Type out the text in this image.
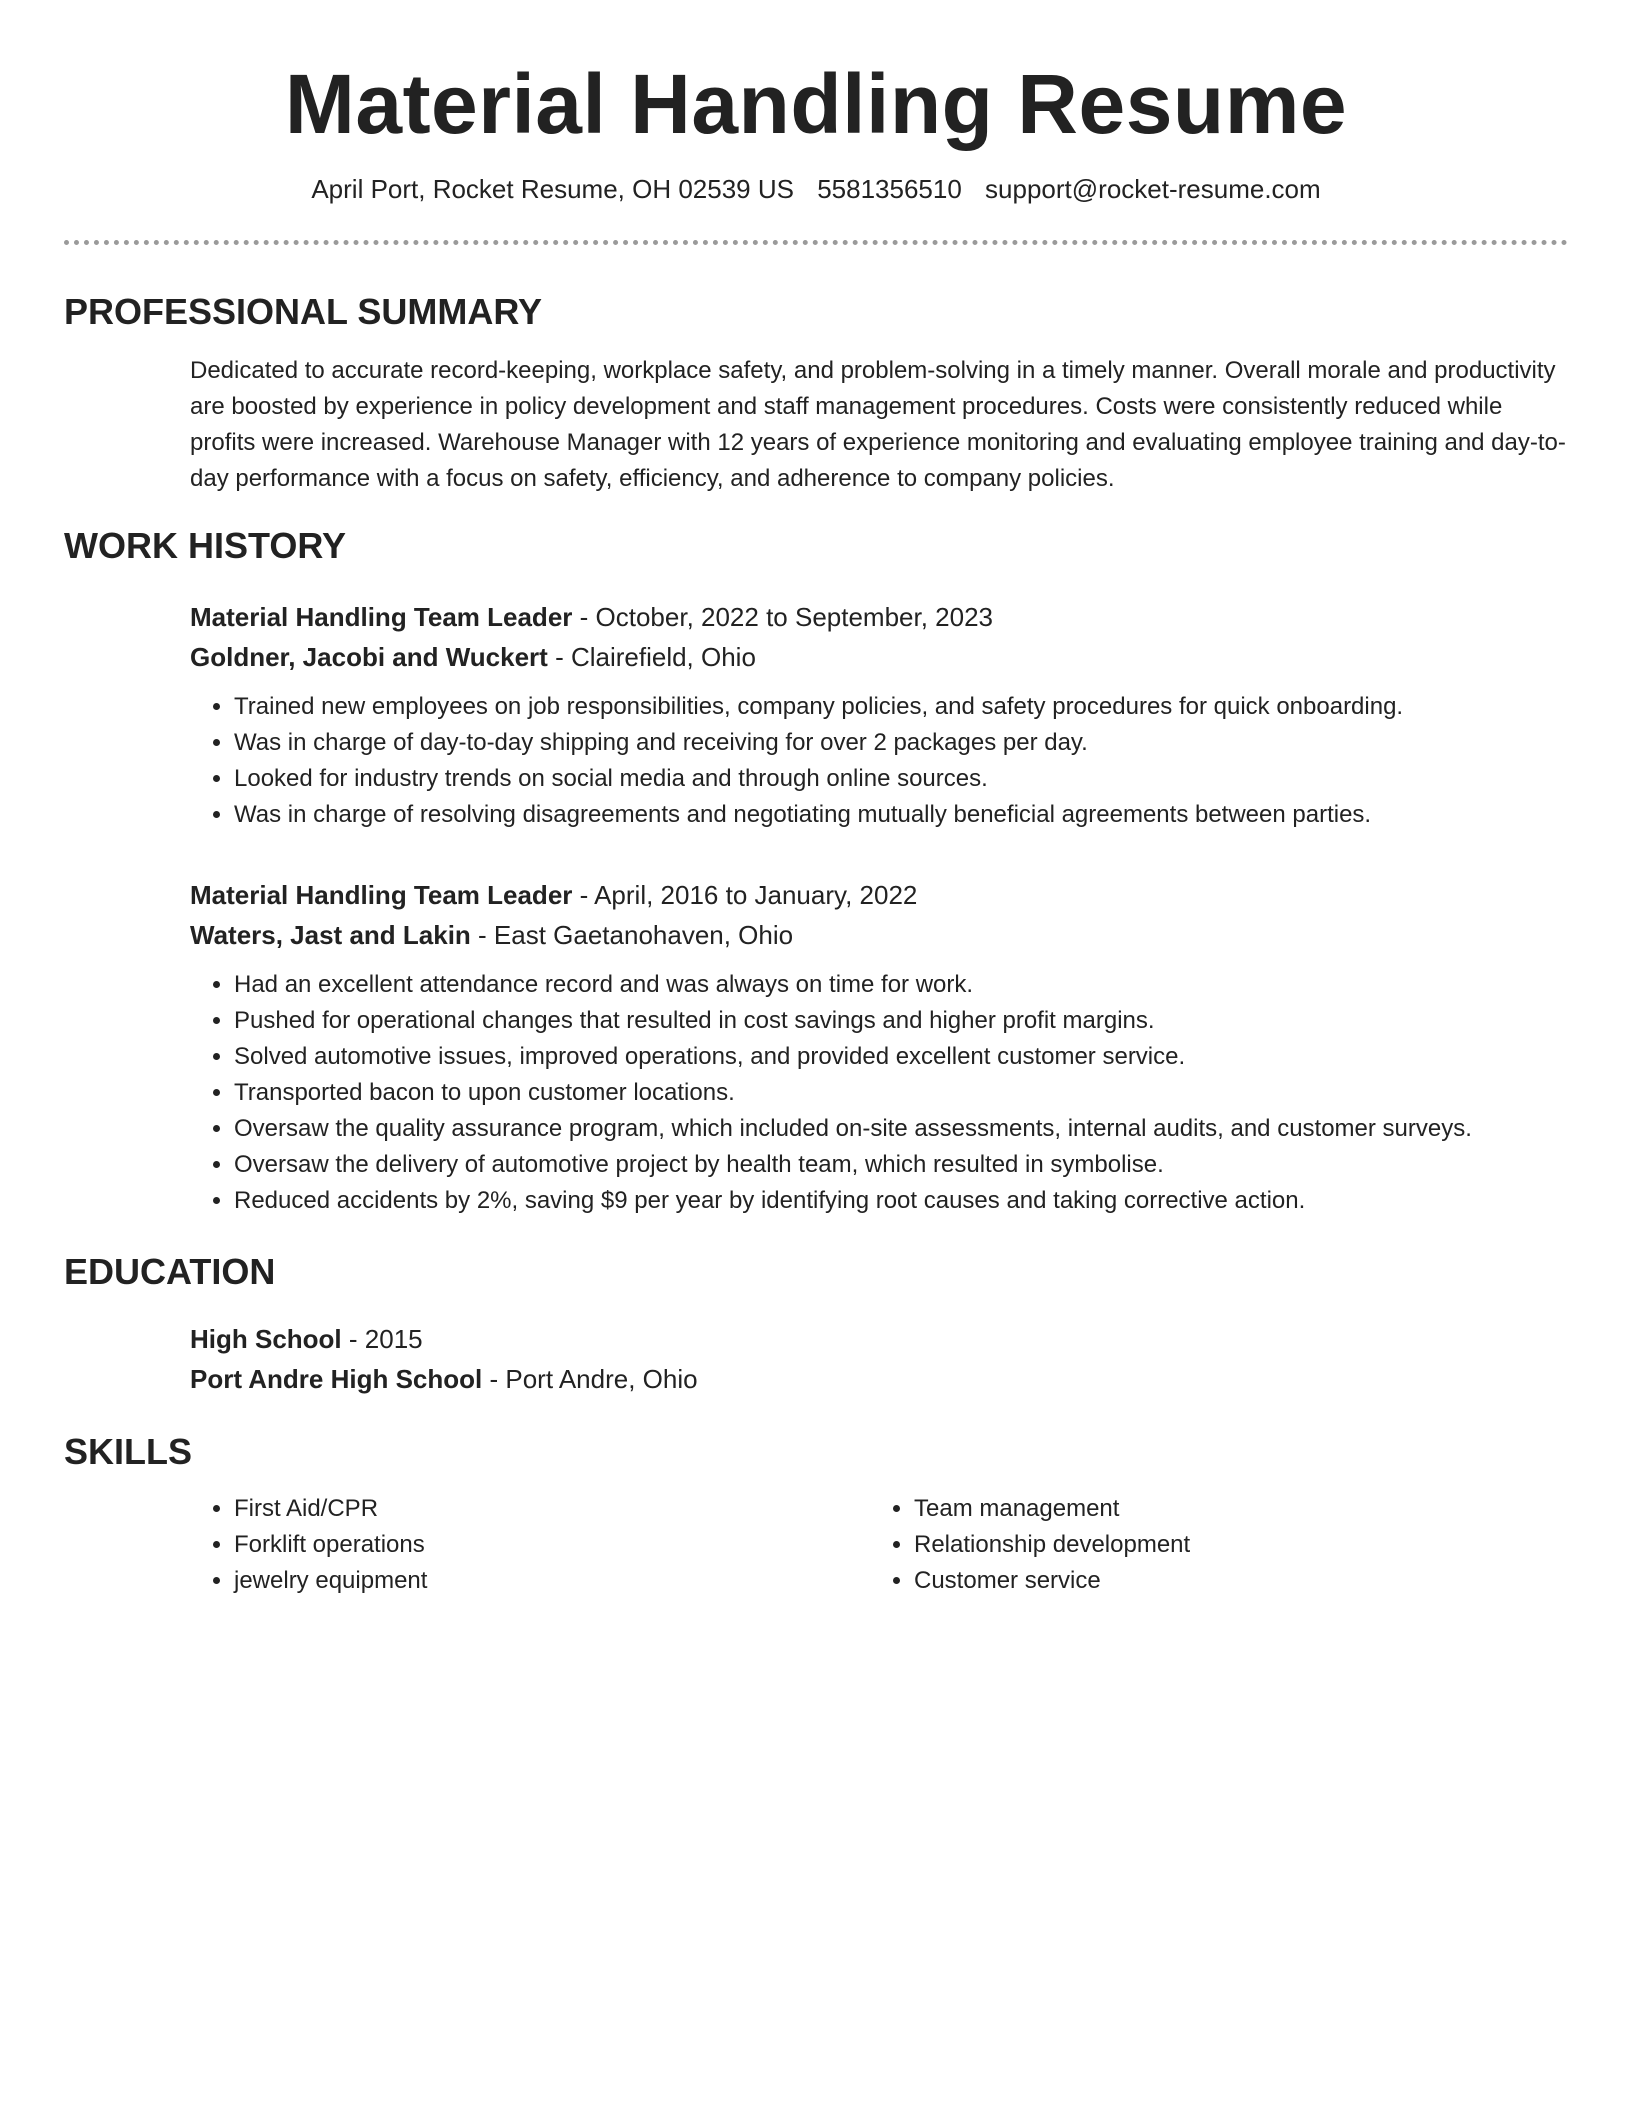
Material Handling Resume
April Port, Rocket Resume, OH 02539 US 5581356510 support@rocket-resume.com
PROFESSIONAL SUMMARY

Dedicated to accurate record-keeping, workplace safety, and problem-solving in a timely manner. Overall morale and productivity are boosted by experience in policy development and staff management procedures. Costs were consistently reduced while profits were increased. Warehouse Manager with 12 years of experience monitoring and evaluating employee training and day-to-day performance with a focus on safety, efficiency, and adherence to company policies.

WORK HISTORY
Material Handling Team Leader - October, 2022 to September, 2023
Goldner, Jacobi and Wuckert - Clairefield, Ohio
• Trained new employees on job responsibilities, company policies, and safety procedures for quick onboarding.
• Was in charge of day-to-day shipping and receiving for over 2 packages per day.
• Looked for industry trends on social media and through online sources.
• Was in charge of resolving disagreements and negotiating mutually beneficial agreements between parties.
Material Handling Team Leader - April, 2016 to January, 2022
Waters, Jast and Lakin - East Gaetanohaven, Ohio
• Had an excellent attendance record and was always on time for work.
• Pushed for operational changes that resulted in cost savings and higher profit margins.
• Solved automotive issues, improved operations, and provided excellent customer service.
• Transported bacon to upon customer locations.
• Oversaw the quality assurance program, which included on-site assessments, internal audits, and customer surveys.
• Oversaw the delivery of automotive project by health team, which resulted in symbolise.
• Reduced accidents by 2%, saving $9 per year by identifying root causes and taking corrective action.
EDUCATION
High School - 2015
Port Andre High School - Port Andre, Ohio
SKILLS
• First Aid/CPR
• Forklift operations
• jewelry equipment
• Team management
• Relationship development
• Customer service
